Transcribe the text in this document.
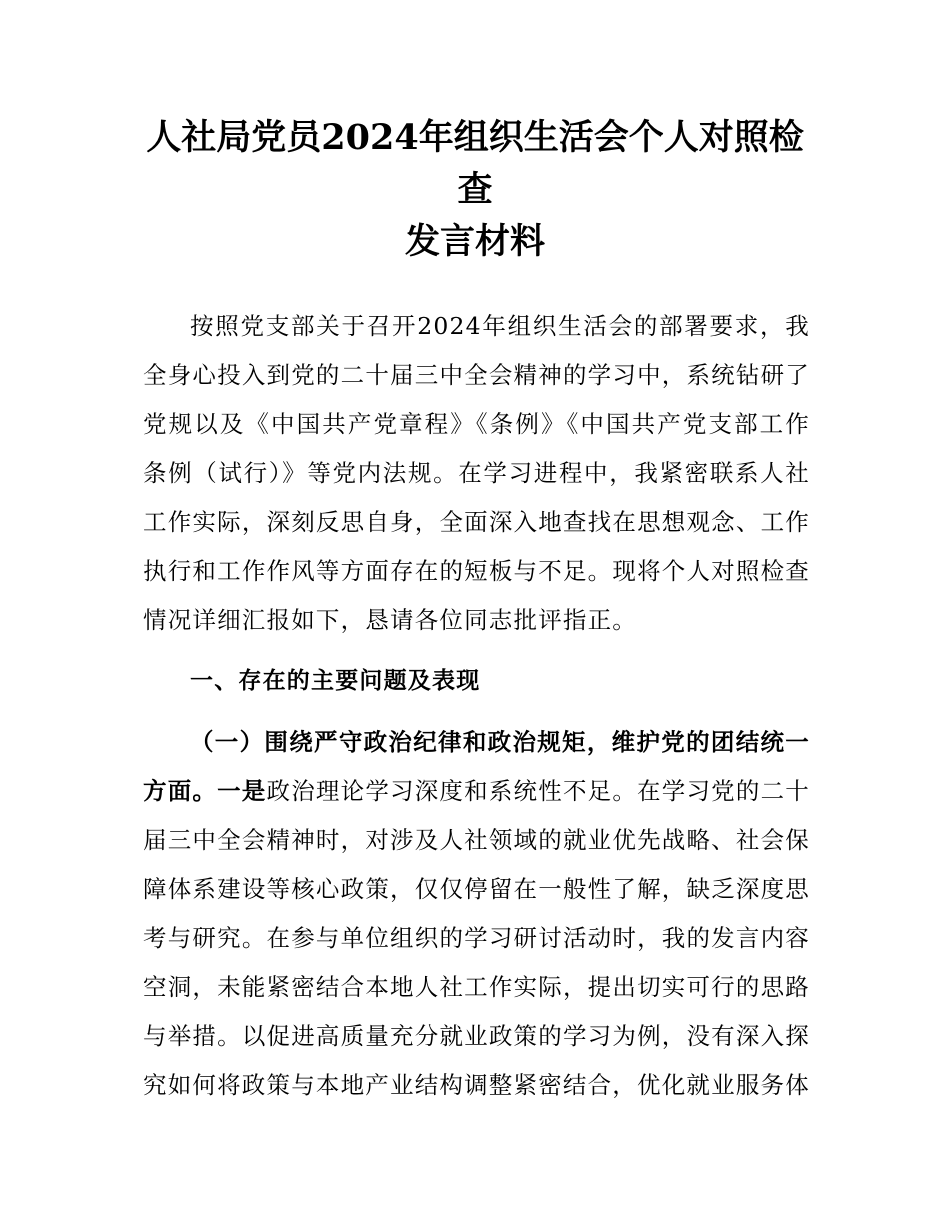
人社局党员2024年组织生活会个人对照检查
发言材料

按照党支部关于召开2024年组织生活会的部署要求，我全身心投入到党的二十届三中全会精神的学习中，系统钻研了党规以及《中国共产党章程》《条例》《中国共产党支部工作条例（试行）》等党内法规。在学习进程中，我紧密联系人社工作实际，深刻反思自身，全面深入地查找在思想观念、工作执行和工作作风等方面存在的短板与不足。现将个人对照检查情况详细汇报如下，恳请各位同志批评指正。

一、存在的主要问题及表现

（一）围绕严守政治纪律和政治规矩，维护党的团结统一方面。一是政治理论学习深度和系统性不足。在学习党的二十届三中全会精神时，对涉及人社领域的就业优先战略、社会保障体系建设等核心政策，仅仅停留在一般性了解，缺乏深度思考与研究。在参与单位组织的学习研讨活动时，我的发言内容空洞，未能紧密结合本地人社工作实际，提出切实可行的思路与举措。以促进高质量充分就业政策的学习为例，没有深入探究如何将政策与本地产业结构调整紧密结合，优化就业服务体
